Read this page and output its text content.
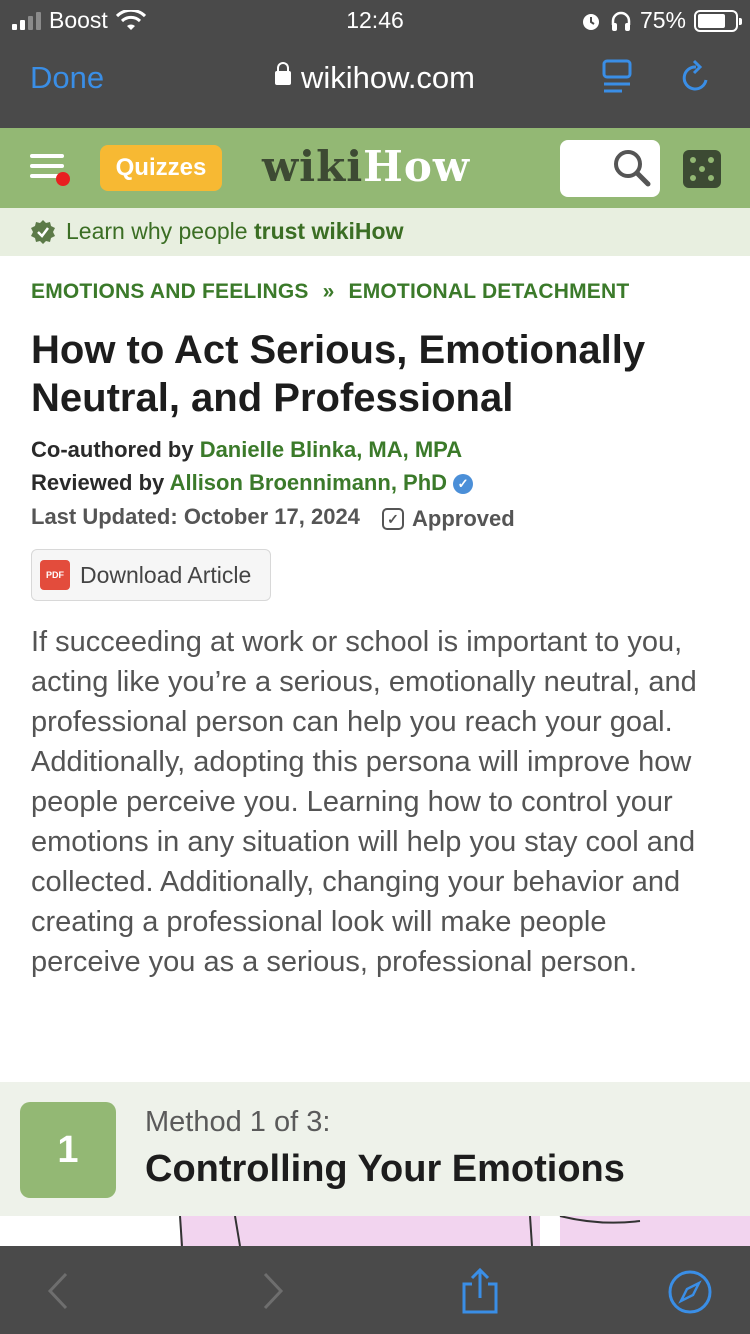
Boost	12:46	75%
Done	wikihow.com
Quizzes	wikiHow
Learn why people trust wikiHow
EMOTIONS AND FEELINGS » EMOTIONAL DETACHMENT
How to Act Serious, Emotionally Neutral, and Professional
Co-authored by Danielle Blinka, MA, MPA
Reviewed by Allison Broennimann, PhD ✓
Last Updated: October 17, 2024	✓ Approved
PDF Download Article

If succeeding at work or school is important to you, acting like you’re a serious, emotionally neutral, and professional person can help you reach your goal. Additionally, adopting this persona will improve how people perceive you. Learning how to control your emotions in any situation will help you stay cool and collected. Additionally, changing your behavior and creating a professional look will make people perceive you as a serious, professional person.

1
Method 1 of 3:
Controlling Your Emotions
